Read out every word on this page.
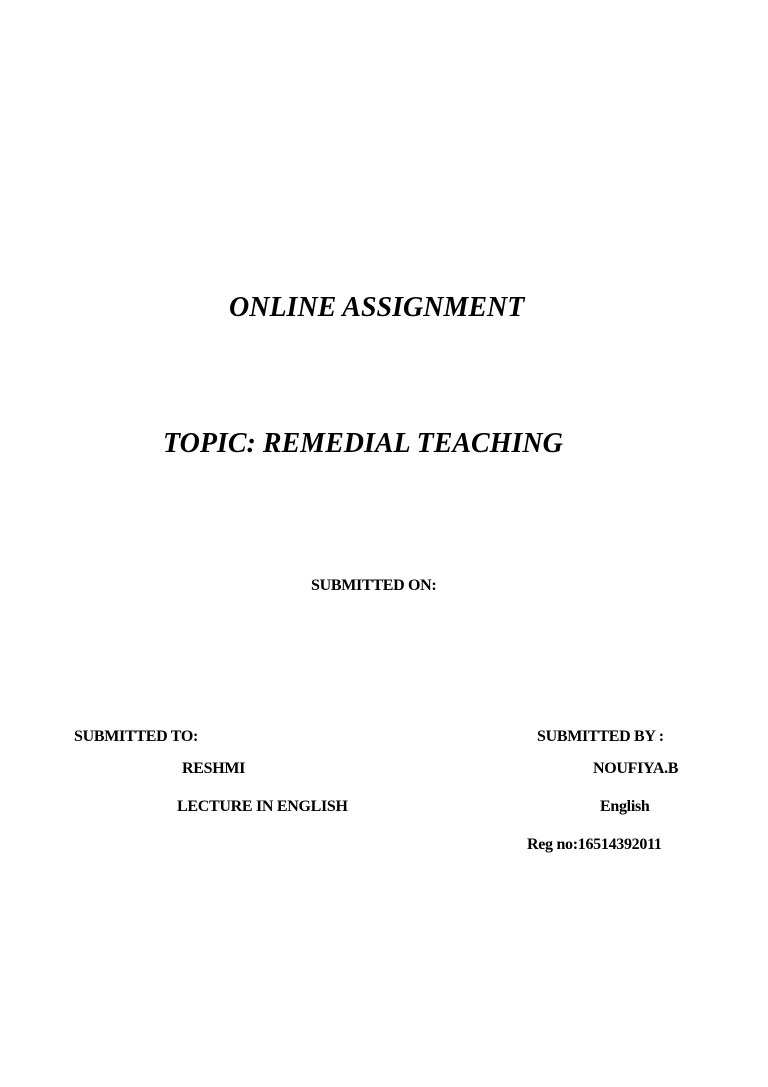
ONLINE ASSIGNMENT
TOPIC: REMEDIAL TEACHING
SUBMITTED ON:
SUBMITTED TO:
RESHMI
LECTURE IN ENGLISH
SUBMITTED BY :
NOUFIYA.B
English
Reg no:16514392011
